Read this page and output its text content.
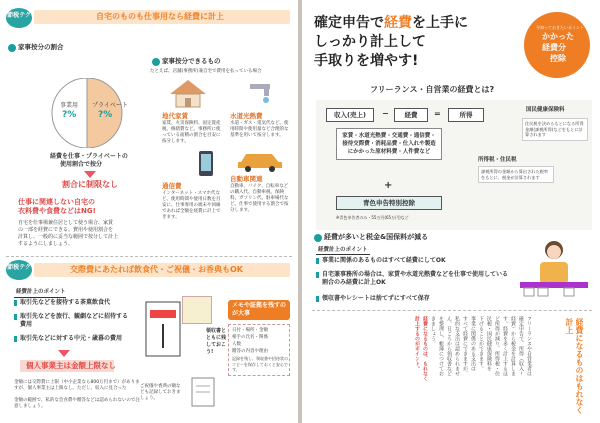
節税テク	自宅のものも仕事用なら経費に計上
家事按分の割合
事業用 プライベート
?% ?%
経費を仕事・プライベートの
使用割合で按分
割合に制限なし
仕事に関連しない自宅の
衣料費や食費などはNG!
自宅を仕事場兼住居として使う場合、家賃
の一部を経費にできる。費用や使用割合を
計算し、一般的に妥当な範囲で按分して計上
するようにしましょう。
家事按分できるもの
たとえば、店舗(事務所)兼自宅で費用を払っている場合
地代家賃
家賃、火災保険料、固定資産税、修繕費など。事務所に使っている面積の割合を目安に按分します。
水道光熱費
水道・ガス・電気代など。使用時間や使用量など合理的な基準を用いて按分します。
通信費
インターネット・スマホ代など。使用時間や使用日数を目安に、仕事専用の端末や回線であれば全額を経費に計上できます。
自動車関連
自動車、バイク、自転車などの購入代、自動車税、保険料、ガソリン代、駐車場代など。仕事で使用する割合で按分します。
節税テク	交際費にあたれば飲食代・ご祝儀・お香典もOK
経費計上のポイント
取引先などを接待する茶菓飲食代
取引先などを旅行、観劇などに招待する費用
取引先などに対する中元・歳暮の費用
個人事業主は金額上限なし
金額には交際費に上限（中小企業なら800万円まで）がありますが、個人事業主は上限なし。ただし、収入に見合った
金額の範囲で、私的な会食費や贈答などは認められないので注意しましょう。
メモや証拠を残すのが大事
日付・場所・金額
相手の氏名・関係
人数
贈答の内容や理由
記録を残し、領収書や招待状のコピーを保存しておくと安心です。
領収書とともに残しておこう!
ご祝儀や香典の額なども記録しておきましょう。
確定申告で経費を上手に
しっかり計上して
手取りを増やす!
今知っておきたいポイント
かかった
経費分
控除
フリーランス・自営業の経費とは?
収入(売上)	−	経費	=	所得
国民健康保険料
住民税を決めるもとになる所得金額(課税所得)などをもとに計算されます
家賃・水道光熱費・交通費・通信費・接待交際費・消耗品費・仕入れや製造にかかった原材料費・人件費など
所得税・住民税
課税所得の金額から算出された税率をもとに、税金が計算されます
+
青色申告特別控除
※青色申告者のみ・55万円(65万円)など
経費が多いと税金&国保料が減る
経費計上のポイント
事業に関係のあるものはすべて経費にしてOK
自宅兼事務所の場合は、家賃や水道光熱費などを仕事で使用している割合のみ経費に計上OK
領収書やレシートは捨てずにすべて保存
フリーランスや自営業者は
確定申告で、所得（収入−
経費）から税金を計算しま
す。経費を多く計上するほ
ど所得が減り、所得税・住
民税・国民健康保険料を
下げることができます。
事業に関係のある支出は
すべて経費にできますが、
私的な支出は認められませ
ん。日ごろから領収書など
を整理し、帳簿につけてお
きましょう。
経費になるものは、もれなく
計上するのがポイント。	経費になるものはもれなく計上
